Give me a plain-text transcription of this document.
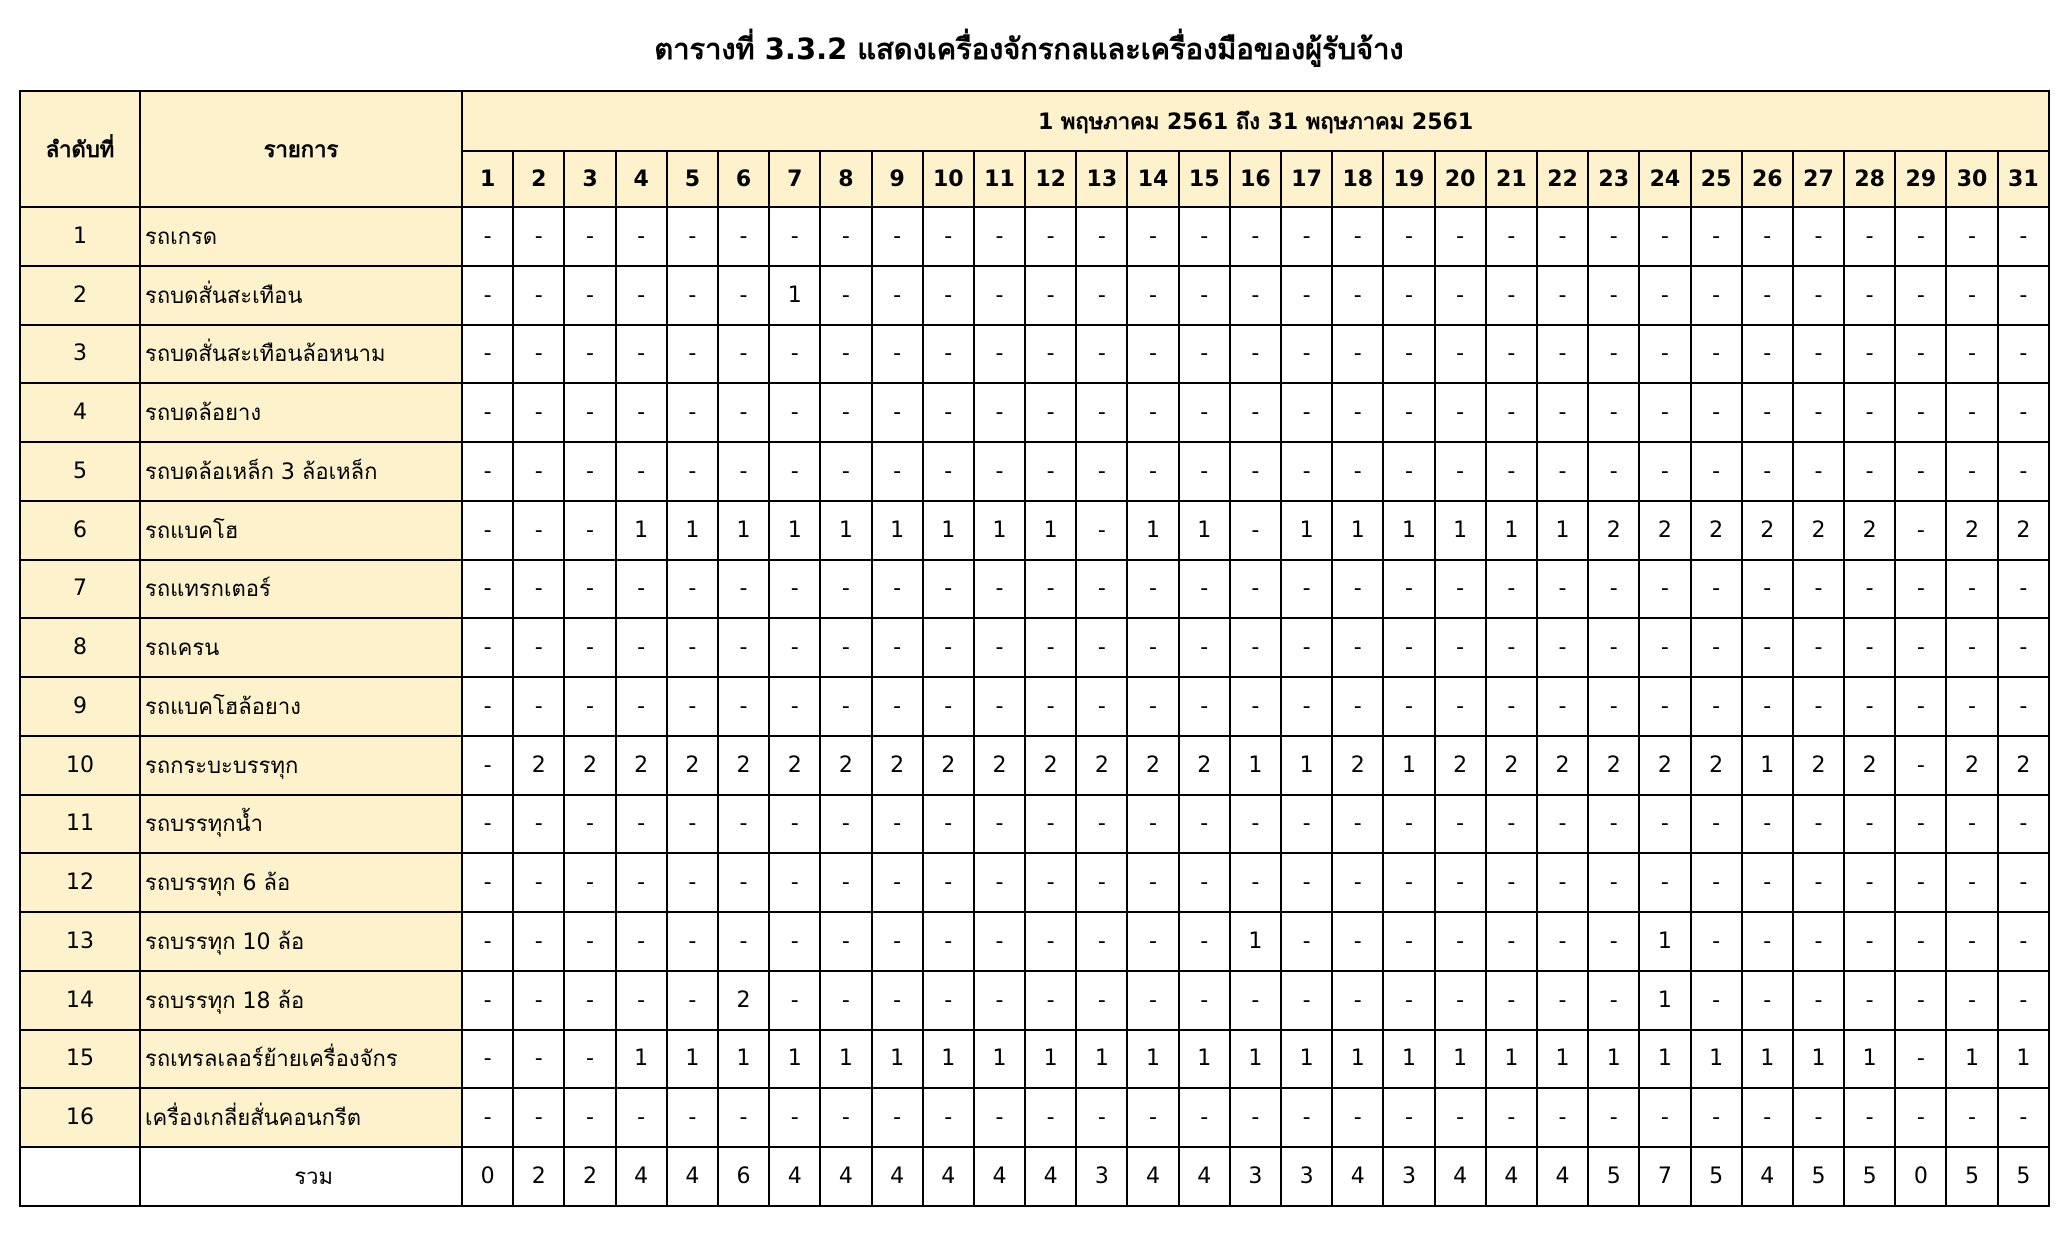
ตารางที่ 3.3.2 แสดงเครื่องจักรกลและเครื่องมือของผู้รับจ้าง
ลำดับที่	รายการ	1 พฤษภาคม 2561 ถึง 31 พฤษภาคม 2561																														
		1	2	3	4	5	6	7	8	9	10	11	12	13	14	15	16	17	18	19	20	21	22	23	24	25	26	27	28	29	30	31
1	รถเกรด	-	-	-	-	-	-	-	-	-	-	-	-	-	-	-	-	-	-	-	-	-	-	-	-	-	-	-	-	-	-	-
2	รถบดสั่นสะเทือน	-	-	-	-	-	-	1	-	-	-	-	-	-	-	-	-	-	-	-	-	-	-	-	-	-	-	-	-	-	-	-
3	รถบดสั่นสะเทือนล้อหนาม	-	-	-	-	-	-	-	-	-	-	-	-	-	-	-	-	-	-	-	-	-	-	-	-	-	-	-	-	-	-	-
4	รถบดล้อยาง	-	-	-	-	-	-	-	-	-	-	-	-	-	-	-	-	-	-	-	-	-	-	-	-	-	-	-	-	-	-	-
5	รถบดล้อเหล็ก 3 ล้อเหล็ก	-	-	-	-	-	-	-	-	-	-	-	-	-	-	-	-	-	-	-	-	-	-	-	-	-	-	-	-	-	-	-
6	รถแบคโฮ	-	-	-	1	1	1	1	1	1	1	1	1	-	1	1	-	1	1	1	1	1	1	2	2	2	2	2	2	-	2	2
7	รถแทรกเตอร์	-	-	-	-	-	-	-	-	-	-	-	-	-	-	-	-	-	-	-	-	-	-	-	-	-	-	-	-	-	-	-
8	รถเครน	-	-	-	-	-	-	-	-	-	-	-	-	-	-	-	-	-	-	-	-	-	-	-	-	-	-	-	-	-	-	-
9	รถแบคโฮล้อยาง	-	-	-	-	-	-	-	-	-	-	-	-	-	-	-	-	-	-	-	-	-	-	-	-	-	-	-	-	-	-	-
10	รถกระบะบรรทุก	-	2	2	2	2	2	2	2	2	2	2	2	2	2	2	1	1	2	1	2	2	2	2	2	2	1	2	2	-	2	2
11	รถบรรทุกน้ำ	-	-	-	-	-	-	-	-	-	-	-	-	-	-	-	-	-	-	-	-	-	-	-	-	-	-	-	-	-	-	-
12	รถบรรทุก 6 ล้อ	-	-	-	-	-	-	-	-	-	-	-	-	-	-	-	-	-	-	-	-	-	-	-	-	-	-	-	-	-	-	-
13	รถบรรทุก 10 ล้อ	-	-	-	-	-	-	-	-	-	-	-	-	-	-	-	1	-	-	-	-	-	-	-	1	-	-	-	-	-	-	-
14	รถบรรทุก 18 ล้อ	-	-	-	-	-	2	-	-	-	-	-	-	-	-	-	-	-	-	-	-	-	-	-	1	-	-	-	-	-	-	-
15	รถเทรลเลอร์ย้ายเครื่องจักร	-	-	-	1	1	1	1	1	1	1	1	1	1	1	1	1	1	1	1	1	1	1	1	1	1	1	1	1	-	1	1
16	เครื่องเกลี่ยสั่นคอนกรีต	-	-	-	-	-	-	-	-	-	-	-	-	-	-	-	-	-	-	-	-	-	-	-	-	-	-	-	-	-	-	-
	รวม	0	2	2	4	4	6	4	4	4	4	4	4	3	4	4	3	3	4	3	4	4	4	5	7	5	4	5	5	0	5	5
